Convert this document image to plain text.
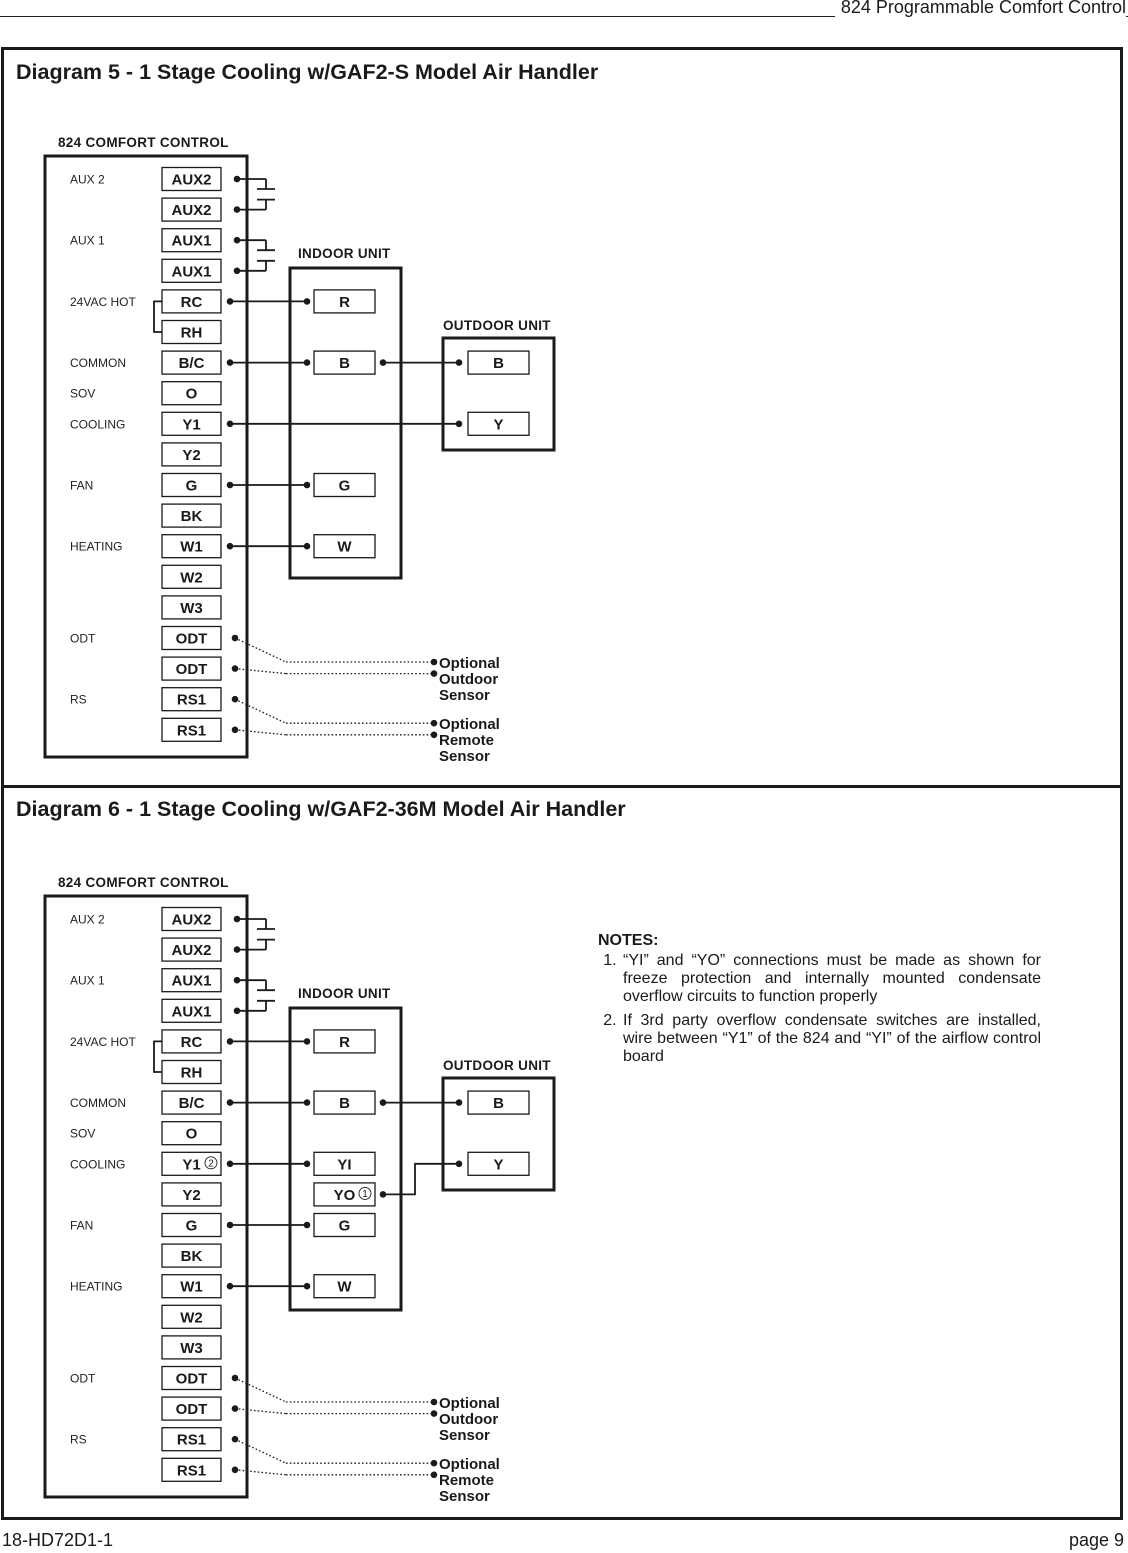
824 Programmable Comfort Control
Diagram 5 - 1 Stage Cooling w/GAF2-S Model Air Handler
Diagram 6 - 1 Stage Cooling w/GAF2-36M Model Air Handler
824 COMFORT CONTROL
AUX 2
AUX 1
24VAC HOT
COMMON
SOV
COOLING
FAN
HEATING
ODT
RS
AUX2
AUX2
AUX1
AUX1
RC
RH
B/C
O
Y1
Y2
G
BK
W1
W2
W3
ODT
ODT
RS1
RS1
INDOOR UNIT
R
B
G
W
OUTDOOR UNIT
B
Y
Optional
Outdoor
Sensor
Optional
Remote
Sensor
824 COMFORT CONTROL
AUX 2
AUX 1
24VAC HOT
COMMON
SOV
COOLING
FAN
HEATING
ODT
RS
AUX2
AUX2
AUX1
AUX1
RC
RH
B/C
O
Y1
Y2
G
BK
W1
W2
W3
ODT
ODT
RS1
RS1
INDOOR UNIT
R
B
YI
YO
G
W
OUTDOOR UNIT
B
Y
2
1
Optional
Outdoor
Sensor
Optional
Remote
Sensor
NOTES:
1. “YI” and “YO” connections must be made as shown for freeze protection and internally mounted condensate overflow circuits to function properly
2. If 3rd party overflow condensate switches are installed, wire between “Y1” of the 824 and “YI” of the airflow control board
18-HD72D1-1	page 9
